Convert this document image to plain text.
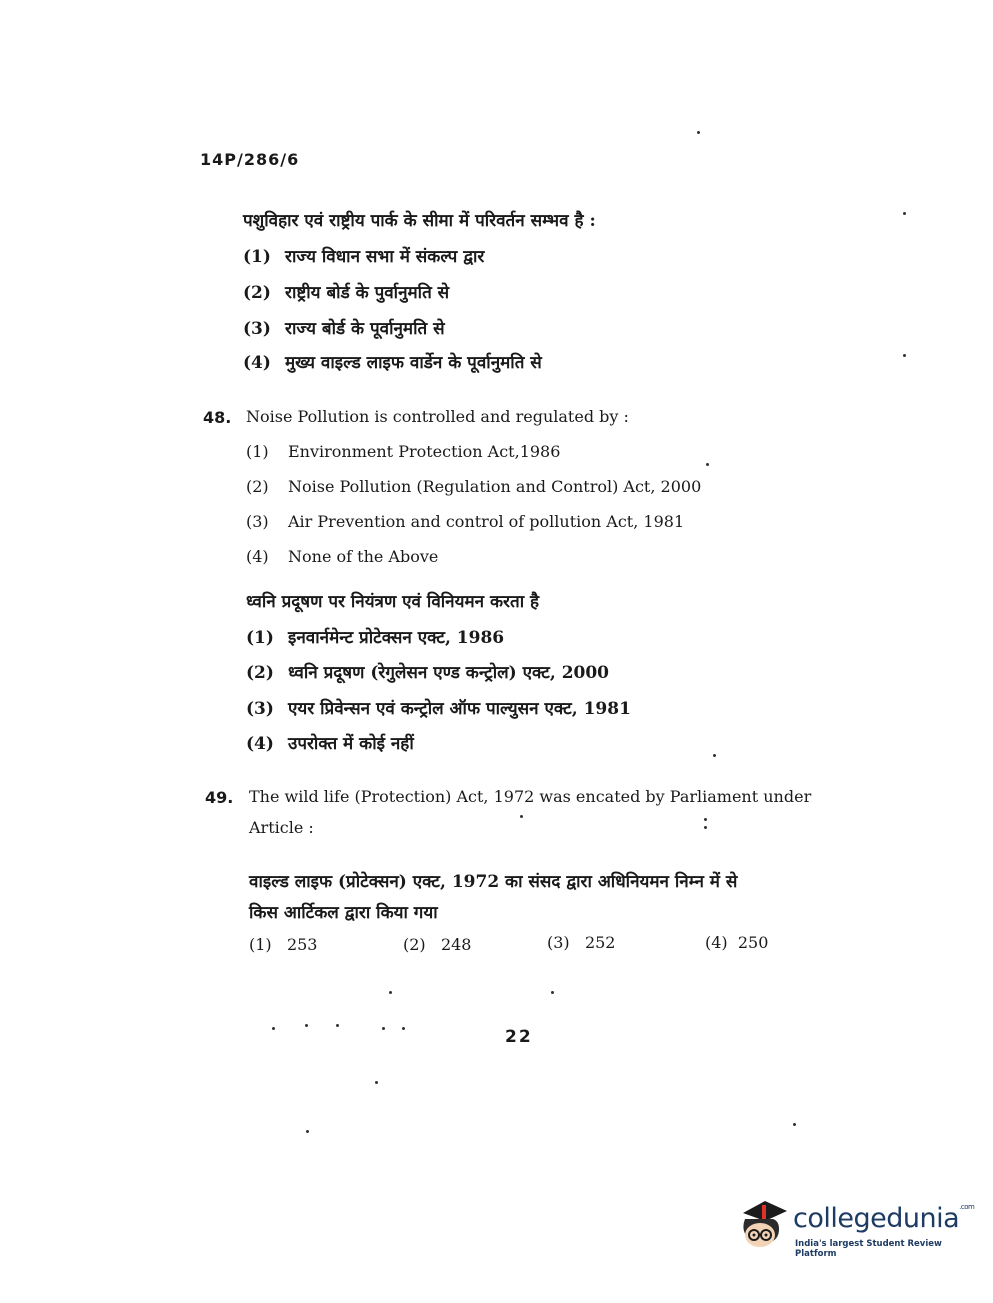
14P/286/6
पशुविहार एवं राष्ट्रीय पार्क के सीमा में परिवर्तन सम्भव है :
(1) राज्य विधान सभा में संकल्प द्वार
(2) राष्ट्रीय बोर्ड के पुर्वानुमति से
(3) राज्य बोर्ड के पूर्वानुमति से
(4) मुख्य वाइल्ड लाइफ वार्डेन के पूर्वानुमति से
48. Noise Pollution is controlled and regulated by :
(1) Environment Protection Act,1986
(2) Noise Pollution (Regulation and Control) Act, 2000
(3) Air Prevention and control of pollution Act, 1981
(4) None of the Above
ध्वनि प्रदूषण पर नियंत्रण एवं विनियमन करता है
(1) इनवार्नमेन्ट प्रोटेक्सन एक्ट, 1986
(2) ध्वनि प्रदूषण (रेगुलेसन एण्ड कन्ट्रोल) एक्ट, 2000
(3) एयर प्रिवेन्सन एवं कन्ट्रोल ऑफ पाल्युसन एक्ट, 1981
(4) उपरोक्त में कोई नहीं
49. The wild life (Protection) Act, 1972 was encated by Parliament under
Article :
वाइल्ड लाइफ (प्रोटेक्सन) एक्ट, 1972 का संसद द्वारा अधिनियमन निम्न में से
किस आर्टिकल द्वारा किया गया
(1) 253	(2) 248	(3) 252	(4) 250
22
collegedunia$^{.com}$
India's largest Student Review Platform
